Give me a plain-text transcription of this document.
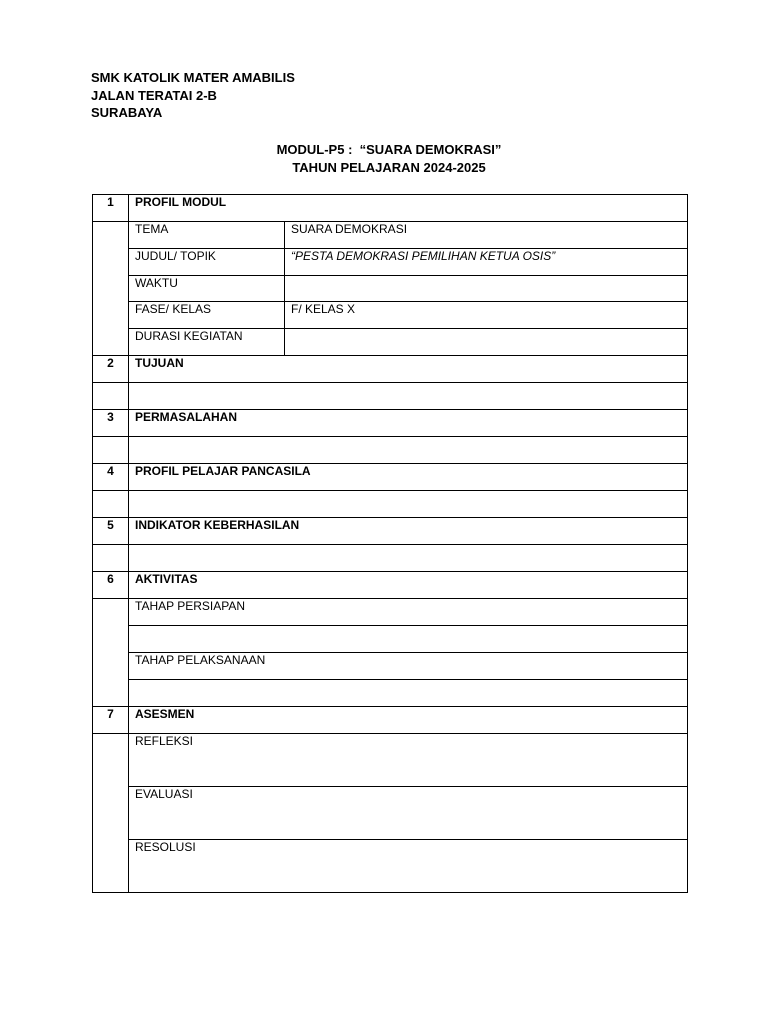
SMK KATOLIK MATER AMABILIS
JALAN TERATAI 2-B
SURABAYA
MODUL-P5 :  “SUARA DEMOKRASI”
TAHUN PELAJARAN 2024-2025
1	PROFIL MODUL	
	TEMA	SUARA DEMOKRASI
	JUDUL/ TOPIK	“PESTA DEMOKRASI PEMILIHAN KETUA OSIS”
	WAKTU	
	FASE/ KELAS	F/ KELAS X
	DURASI KEGIATAN	
2	TUJUAN	

3	PERMASALAHAN	

4	PROFIL PELAJAR PANCASILA	

5	INDIKATOR KEBERHASILAN	

6	AKTIVITAS	
	TAHAP PERSIAPAN	

	TAHAP PELAKSANAAN	

7	ASESMEN	
	REFLEKSI	
	EVALUASI	
	RESOLUSI	
